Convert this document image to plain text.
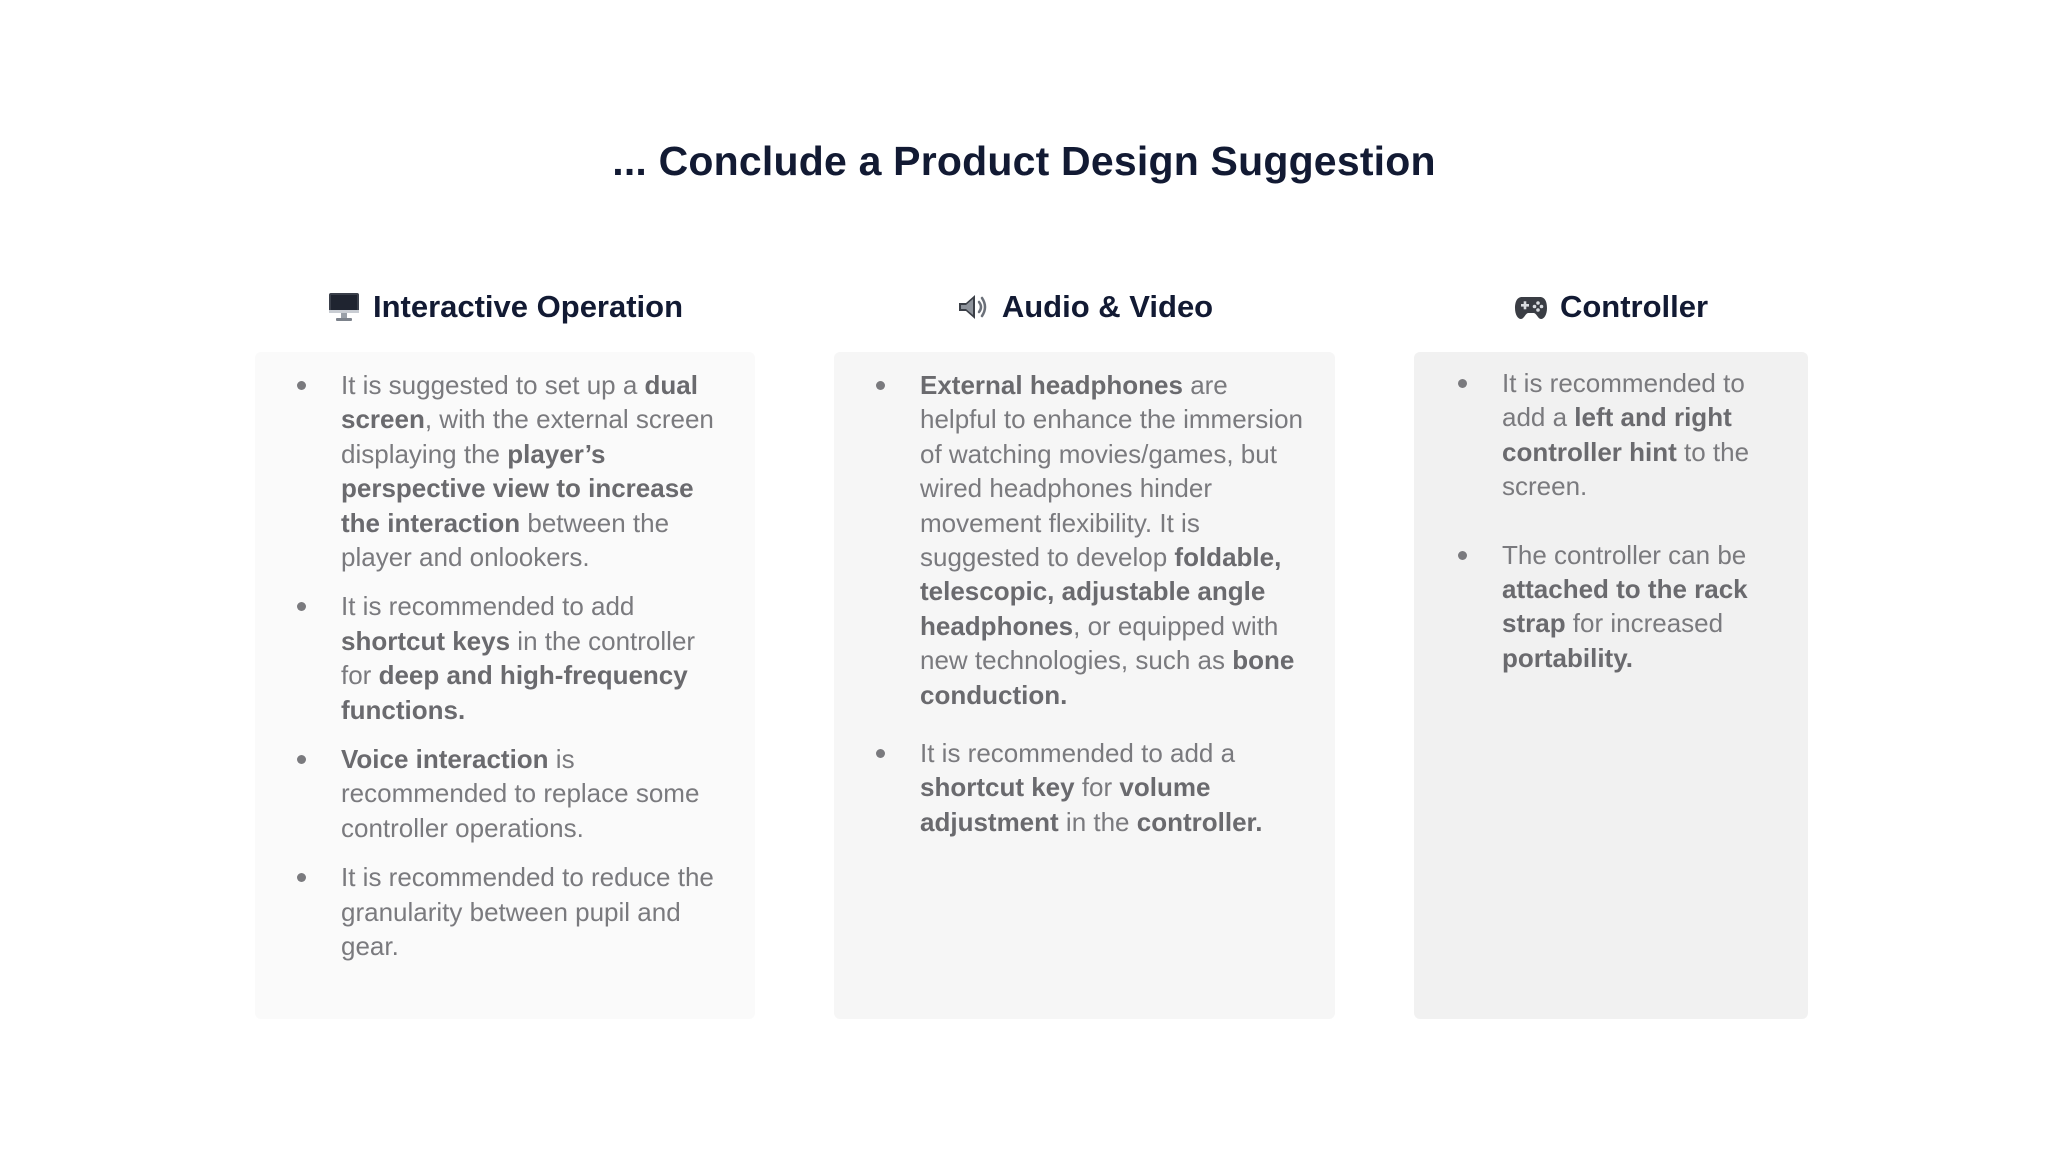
... Conclude a Product Design Suggestion
Interactive Operation
It is suggested to set up a dual screen, with the external screen displaying the player’s perspective view to increase the interaction between the player and onlookers.
It is recommended to add shortcut keys in the controller for deep and high-frequency functions.
Voice interaction is recommended to replace some controller operations.
It is recommended to reduce the granularity between pupil and gear.
Audio & Video
External headphones are helpful to enhance the immersion of watching movies/games, but wired headphones hinder movement flexibility. It is suggested to develop foldable, telescopic, adjustable angle headphones, or equipped with new technologies, such as bone conduction.
It is recommended to add a shortcut key for volume adjustment in the controller.
Controller
It is recommended to add a left and right controller hint to the screen.
The controller can be attached to the rack strap for increased portability.
